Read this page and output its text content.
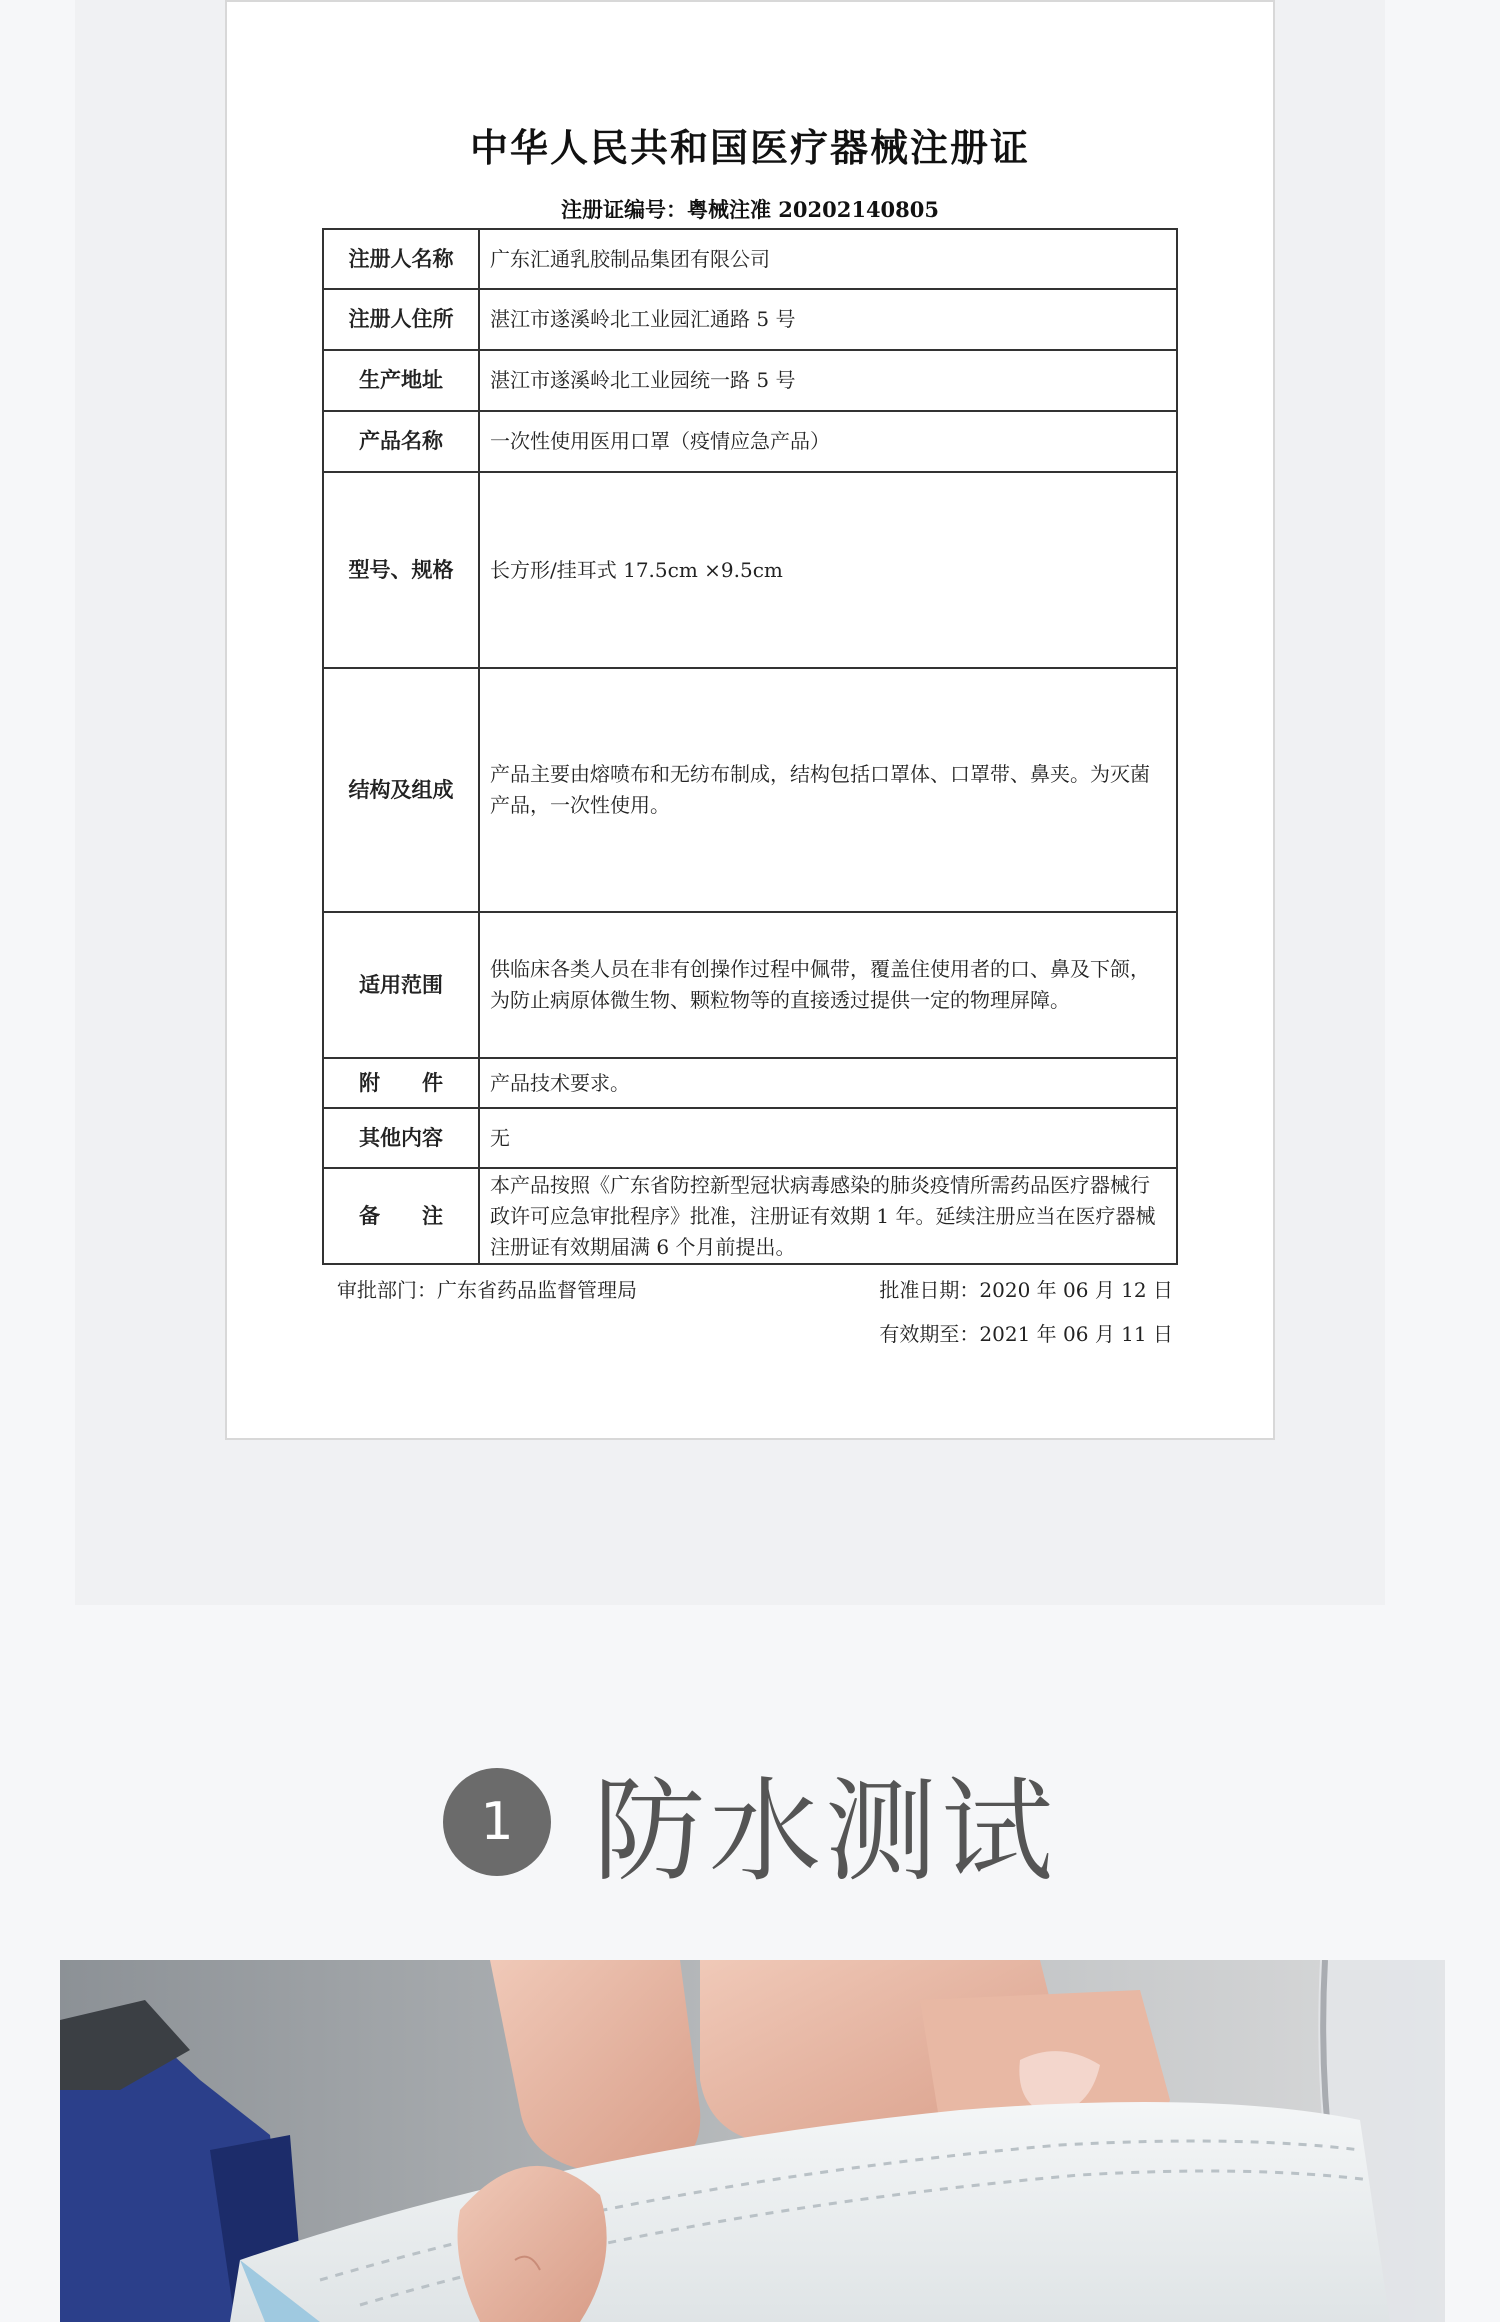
中华人民共和国医疗器械注册证
注册证编号：粤械注准 20202140805
注册人名称	广东汇通乳胶制品集团有限公司
注册人住所	湛江市遂溪岭北工业园汇通路 5 号
生产地址	湛江市遂溪岭北工业园统一路 5 号
产品名称	一次性使用医用口罩（疫情应急产品）
型号、规格	长方形/挂耳式 17.5cm ×9.5cm
结构及组成	产品主要由熔喷布和无纺布制成，结构包括口罩体、口罩带、鼻夹。为灭菌产品，一次性使用。
适用范围	供临床各类人员在非有创操作过程中佩带，覆盖住使用者的口、鼻及下颌，为防止病原体微生物、颗粒物等的直接透过提供一定的物理屏障。
附　　件	产品技术要求。
其他内容	无
备　　注	本产品按照《广东省防控新型冠状病毒感染的肺炎疫情所需药品医疗器械行政许可应急审批程序》批准，注册证有效期 1 年。延续注册应当在医疗器械注册证有效期届满 6 个月前提出。
审批部门：广东省药品监督管理局	批准日期：2020 年 06 月 12 日
有效期至：2021 年 06 月 11 日
1 防水测试
